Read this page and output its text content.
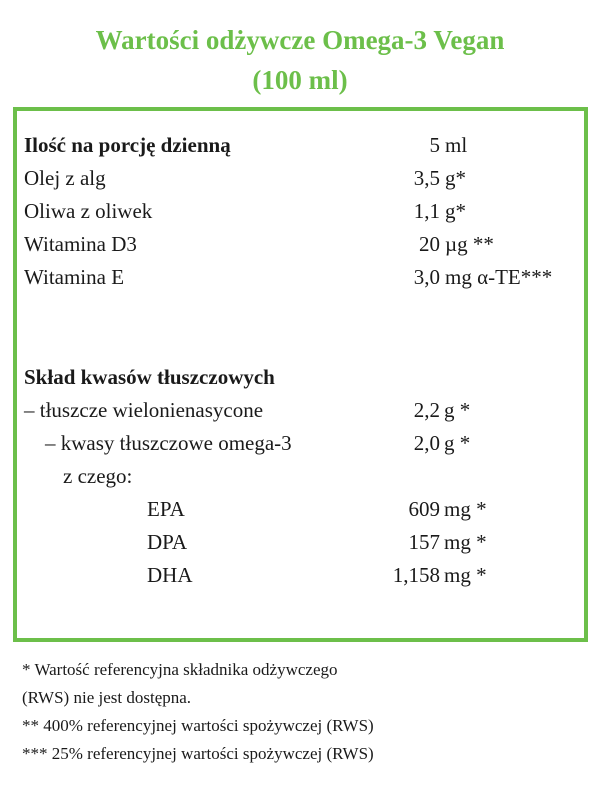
Wartości odżywcze Omega-3 Vegan
(100 ml)
Ilość na porcję dzienną	5 ml
Olej z alg	3,5 g*
Oliwa z oliwek	1,1 g*
Witamina D3	20 µg **
Witamina E	3,0 mg α-TE***
Skład kwasów tłuszczowych
– tłuszcze wielonienasycone	2,2 g *
– kwasy tłuszczowe omega-3	2,0 g *
z czego:
EPA	609 mg *
DPA	157 mg *
DHA	1,158 mg *
* Wartość referencyjna składnika odżywczego
(RWS) nie jest dostępna.
** 400% referencyjnej wartości spożywczej (RWS)
*** 25% referencyjnej wartości spożywczej (RWS)
